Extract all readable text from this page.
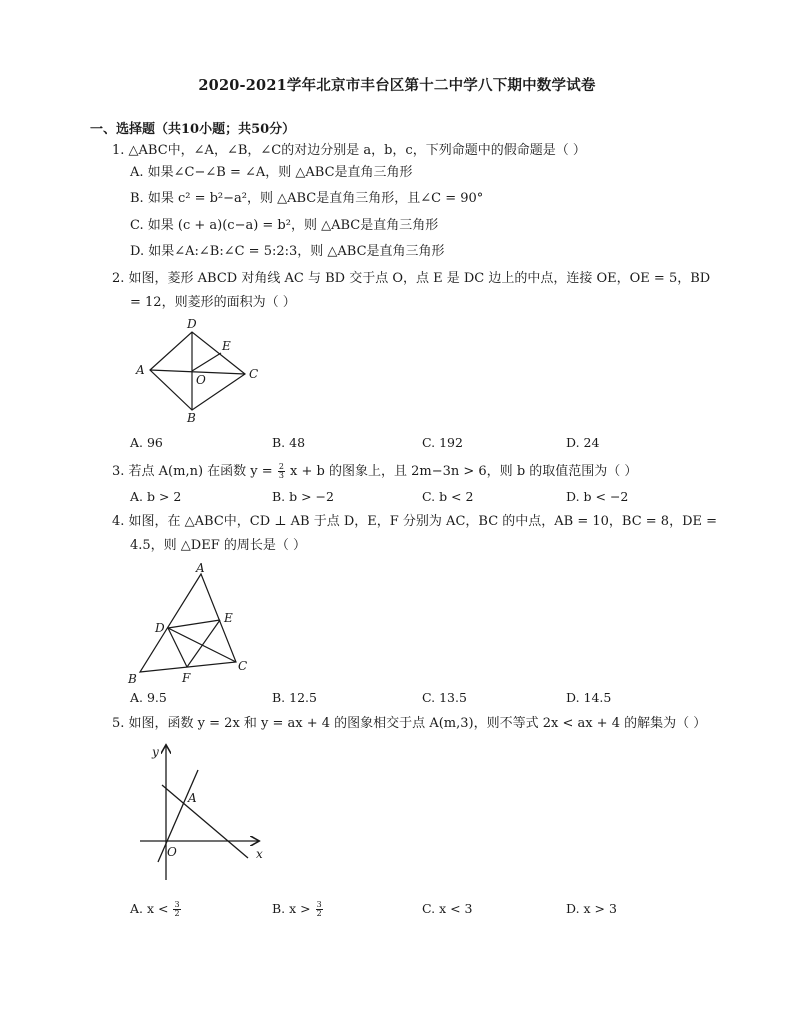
2020-2021学年北京市丰台区第十二中学八下期中数学试卷
一、选择题（共10小题；共50分）
1. △ABC中，∠A，∠B，∠C的对边分别是 a，b，c，下列命题中的假命题是（ ）
A. 如果∠C−∠B = ∠A，则 △ABC是直角三角形
B. 如果 c² = b²−a²，则 △ABC是直角三角形，且∠C = 90°
C. 如果 (c + a)(c−a) = b²，则 △ABC是直角三角形
D. 如果∠A:∠B:∠C = 5:2:3，则 △ABC是直角三角形
2. 如图，菱形 ABCD 对角线 AC 与 BD 交于点 O，点 E 是 DC 边上的中点，连接 OE，OE = 5，BD
= 12，则菱形的面积为（ ）
A
D
C
B
E
O
A. 96	B. 48	C. 192	D. 24
3. 若点 A(m,n) 在函数 $y = \frac{2}{3}$ x + b 的图象上，且 2m−3n > 6，则 b 的取值范围为（ ）
A. b > 2	B. b > −2	C. b < 2	D. b < −2
4. 如图，在 △ABC中，CD ⊥ AB 于点 D，E，F 分别为 AC，BC 的中点，AB = 10，BC = 8，DE =
4.5，则 △DEF 的周长是（ ）
A
B
C
D
E
F
A. 9.5	B. 12.5	C. 13.5	D. 14.5
5. 如图，函数 y = 2x 和 y = ax + 4 的图象相交于点 A(m,3)，则不等式 2x < ax + 4 的解集为（ ）
y
x
A
O
A. $x < \frac{3}{2}$	B. $x > \frac{3}{2}$	C. x < 3	D. x > 3
